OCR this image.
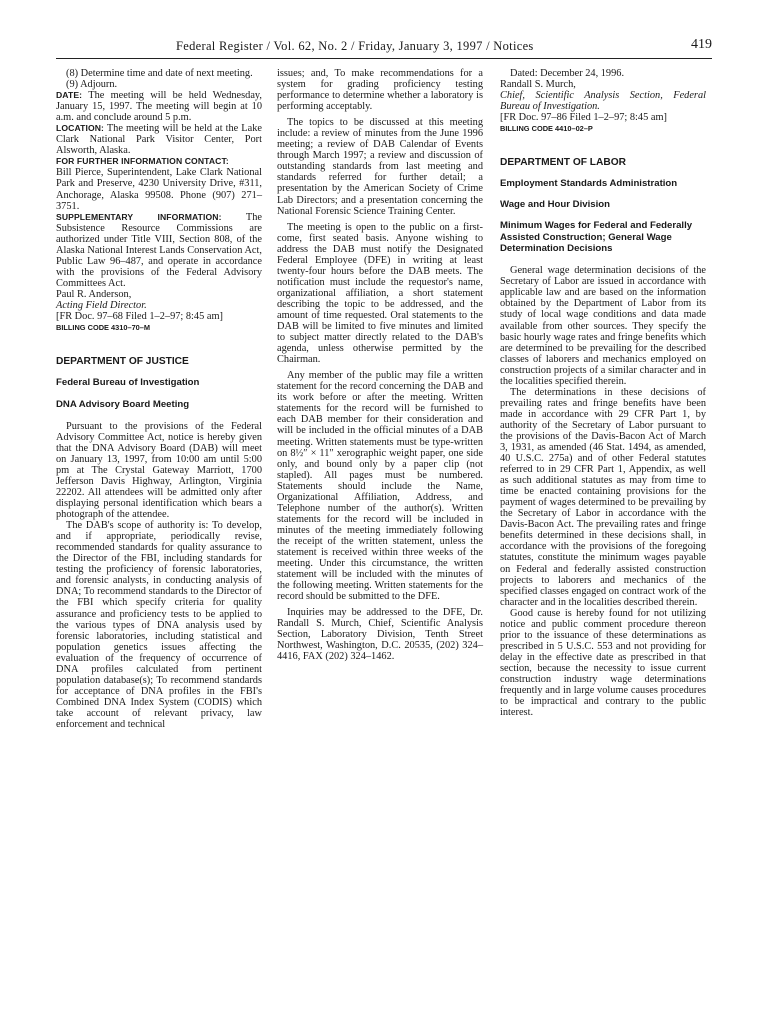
Federal Register / Vol. 62, No. 2 / Friday, January 3, 1997 / Notices	419

(8) Determine time and date of next meeting.

(9) Adjourn.

DATE: The meeting will be held Wednesday, January 15, 1997. The meeting will begin at 10 a.m. and conclude around 5 p.m.

LOCATION: The meeting will be held at the Lake Clark National Park Visitor Center, Port Alsworth, Alaska.

FOR FURTHER INFORMATION CONTACT:

Bill Pierce, Superintendent, Lake Clark National Park and Preserve, 4230 University Drive, #311, Anchorage, Alaska 99508. Phone (907) 271–3751.

SUPPLEMENTARY INFORMATION: The Subsistence Resource Commissions are authorized under Title VIII, Section 808, of the Alaska National Interest Lands Conservation Act, Public Law 96–487, and operate in accordance with the provisions of the Federal Advisory Committees Act.

Paul R. Anderson,

Acting Field Director.

[FR Doc. 97–68 Filed 1–2–97; 8:45 am]

BILLING CODE 4310–70–M

DEPARTMENT OF JUSTICE

Federal Bureau of Investigation

DNA Advisory Board Meeting

Pursuant to the provisions of the Federal Advisory Committee Act, notice is hereby given that the DNA Advisory Board (DAB) will meet on January 13, 1997, from 10:00 am until 5:00 pm at The Crystal Gateway Marriott, 1700 Jefferson Davis Highway, Arlington, Virginia 22202. All attendees will be admitted only after displaying personal identification which bears a photograph of the attendee.

The DAB's scope of authority is: To develop, and if appropriate, periodically revise, recommended standards for quality assurance to the Director of the FBI, including standards for testing the proficiency of forensic laboratories, and forensic analysts, in conducting analysis of DNA; To recommend standards to the Director of the FBI which specify criteria for quality assurance and proficiency tests to be applied to the various types of DNA analysis used by forensic laboratories, including statistical and population genetics issues affecting the evaluation of the frequency of occurrence of DNA profiles calculated from pertinent population database(s); To recommend standards for acceptance of DNA profiles in the FBI's Combined DNA Index System (CODIS) which take account of relevant privacy, law enforcement and technical

issues; and, To make recommendations for a system for grading proficiency testing performance to determine whether a laboratory is performing acceptably.

The topics to be discussed at this meeting include: a review of minutes from the June 1996 meeting; a review of DAB Calendar of Events through March 1997; a review and discussion of outstanding standards from last meeting and standards referred for further detail; a presentation by the American Society of Crime Lab Directors; and a presentation concerning the National Forensic Science Training Center.

The meeting is open to the public on a first-come, first seated basis. Anyone wishing to address the DAB must notify the Designated Federal Employee (DFE) in writing at least twenty-four hours before the DAB meets. The notification must include the requestor's name, organizational affiliation, a short statement describing the topic to be addressed, and the amount of time requested. Oral statements to the DAB will be limited to five minutes and limited to subject matter directly related to the DAB's agenda, unless otherwise permitted by the Chairman.

Any member of the public may file a written statement for the record concerning the DAB and its work before or after the meeting. Written statements for the record will be furnished to each DAB member for their consideration and will be included in the official minutes of a DAB meeting. Written statements must be type-written on 8½″ × 11″ xerographic weight paper, one side only, and bound only by a paper clip (not stapled). All pages must be numbered. Statements should include the Name, Organizational Affiliation, Address, and Telephone number of the author(s). Written statements for the record will be included in minutes of the meeting immediately following the receipt of the written statement, unless the statement is received within three weeks of the meeting. Under this circumstance, the written statement will be included with the minutes of the following meeting. Written statements for the record should be submitted to the DFE.

Inquiries may be addressed to the DFE, Dr. Randall S. Murch, Chief, Scientific Analysis Section, Laboratory Division, Tenth Street Northwest, Washington, D.C. 20535, (202) 324–4416, FAX (202) 324–1462.

Dated: December 24, 1996.

Randall S. Murch,

Chief, Scientific Analysis Section, Federal Bureau of Investigation.

[FR Doc. 97–86 Filed 1–2–97; 8:45 am]

BILLING CODE 4410–02–P

DEPARTMENT OF LABOR

Employment Standards Administration

Wage and Hour Division

Minimum Wages for Federal and Federally Assisted Construction; General Wage Determination Decisions

General wage determination decisions of the Secretary of Labor are issued in accordance with applicable law and are based on the information obtained by the Department of Labor from its study of local wage conditions and data made available from other sources. They specify the basic hourly wage rates and fringe benefits which are determined to be prevailing for the described classes of laborers and mechanics employed on construction projects of a similar character and in the localities specified therein.

The determinations in these decisions of prevailing rates and fringe benefits have been made in accordance with 29 CFR Part 1, by authority of the Secretary of Labor pursuant to the provisions of the Davis-Bacon Act of March 3, 1931, as amended (46 Stat. 1494, as amended, 40 U.S.C. 275a) and of other Federal statutes referred to in 29 CFR Part 1, Appendix, as well as such additional statutes as may from time to time be enacted containing provisions for the payment of wages determined to be prevailing by the Secretary of Labor in accordance with the Davis-Bacon Act. The prevailing rates and fringe benefits determined in these decisions shall, in accordance with the provisions of the foregoing statutes, constitute the minimum wages payable on Federal and federally assisted construction projects to laborers and mechanics of the specified classes engaged on contract work of the character and in the localities described therein.

Good cause is hereby found for not utilizing notice and public comment procedure thereon prior to the issuance of these determinations as prescribed in 5 U.S.C. 553 and not providing for delay in the effective date as prescribed in that section, because the necessity to issue current construction industry wage determinations frequently and in large volume causes procedures to be impractical and contrary to the public interest.
